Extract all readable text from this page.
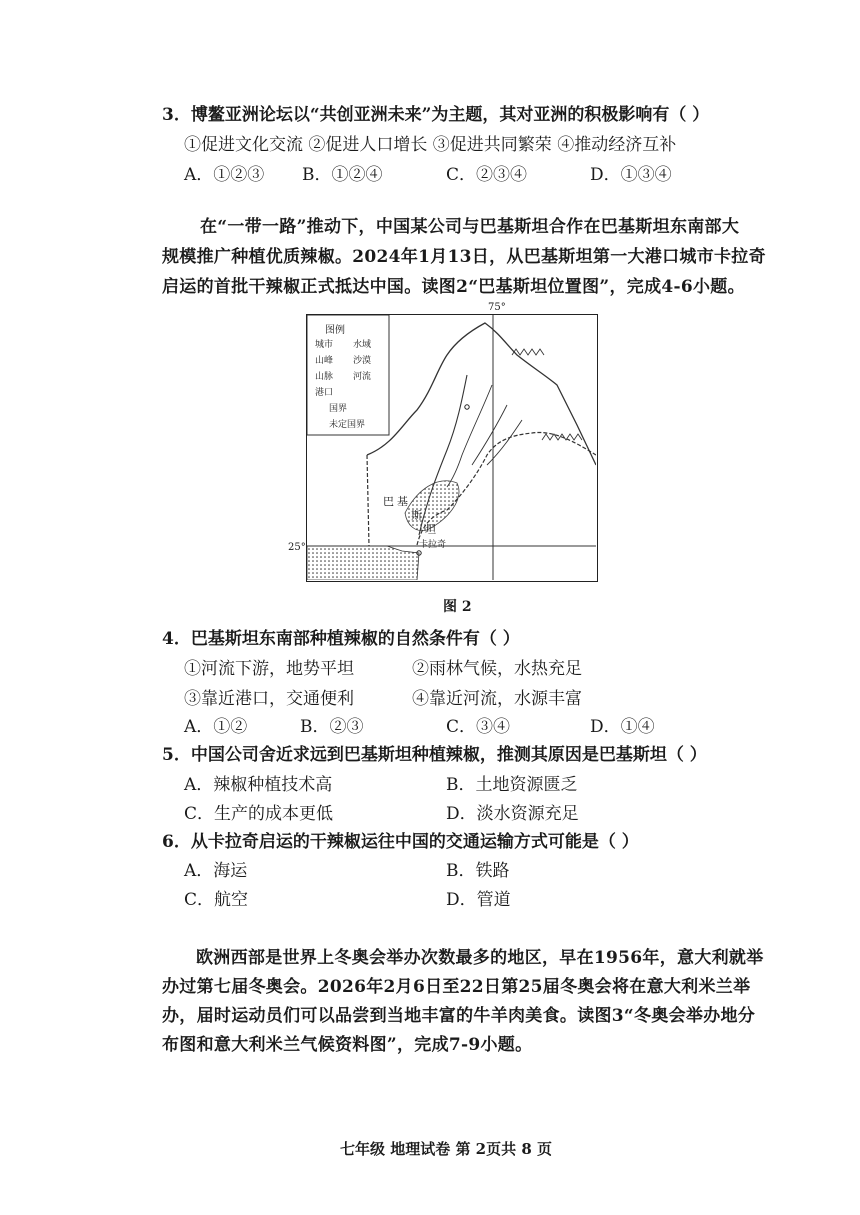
3．博鳌亚洲论坛以“共创亚洲未来”为主题，其对亚洲的积极影响有（ ）
①促进文化交流 ②促进人口增长 ③促进共同繁荣 ④推动经济互补
A．①②③ B．①②④	C．②③④	D．①③④
在“一带一路”推动下，中国某公司与巴基斯坦合作在巴基斯坦东南部大
规模推广种植优质辣椒。2024年1月13日，从巴基斯坦第一大港口城市卡拉奇
启运的首批干辣椒正式抵达中国。读图2“巴基斯坦位置图”，完成4-6小题。
75°
25°
图例
城市 水域
山峰 沙漠
山脉 河流
港口
国界
未定国界
巴 基
斯
坦
卡拉奇
图 2
4．巴基斯坦东南部种植辣椒的自然条件有（ ）
①河流下游，地势平坦	②雨林气候，水热充足
③靠近港口，交通便利	④靠近河流，水源丰富
A．①②	B．②③	C．③④	D．①④
5．中国公司舍近求远到巴基斯坦种植辣椒，推测其原因是巴基斯坦（ ）
A．辣椒种植技术高	B．土地资源匮乏
C．生产的成本更低	D．淡水资源充足
6．从卡拉奇启运的干辣椒运往中国的交通运输方式可能是（ ）
A．海运	B．铁路
C．航空	D．管道
欧洲西部是世界上冬奥会举办次数最多的地区，早在1956年，意大利就举
办过第七届冬奥会。2026年2月6日至22日第25届冬奥会将在意大利米兰举
办，届时运动员们可以品尝到当地丰富的牛羊肉美食。读图3“冬奥会举办地分
布图和意大利米兰气候资料图”，完成7-9小题。
七年级 地理试卷 第 2页共 8 页
